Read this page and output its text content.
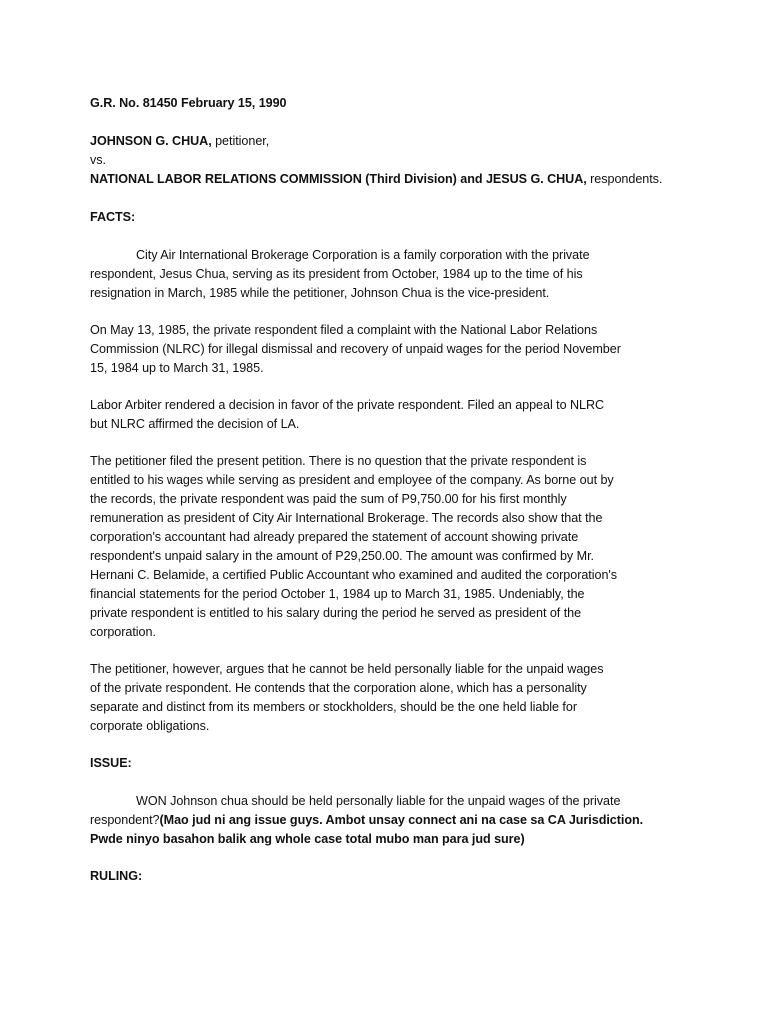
G.R. No. 81450 February 15, 1990
JOHNSON G. CHUA, petitioner,
vs.
NATIONAL LABOR RELATIONS COMMISSION (Third Division) and JESUS G. CHUA, respondents.
FACTS:
City Air International Brokerage Corporation is a family corporation with the private
respondent, Jesus Chua, serving as its president from October, 1984 up to the time of his
resignation in March, 1985 while the petitioner, Johnson Chua is the vice-president.
On May 13, 1985, the private respondent filed a complaint with the National Labor Relations
Commission (NLRC) for illegal dismissal and recovery of unpaid wages for the period November
15, 1984 up to March 31, 1985.
Labor Arbiter rendered a decision in favor of the private respondent. Filed an appeal to NLRC
but NLRC affirmed the decision of LA.
The petitioner filed the present petition. There is no question that the private respondent is
entitled to his wages while serving as president and employee of the company. As borne out by
the records, the private respondent was paid the sum of P9,750.00 for his first monthly
remuneration as president of City Air International Brokerage. The records also show that the
corporation's accountant had already prepared the statement of account showing private
respondent's unpaid salary in the amount of P29,250.00. The amount was confirmed by Mr.
Hernani C. Belamide, a certified Public Accountant who examined and audited the corporation's
financial statements for the period October 1, 1984 up to March 31, 1985. Undeniably, the
private respondent is entitled to his salary during the period he served as president of the
corporation.
The petitioner, however, argues that he cannot be held personally liable for the unpaid wages
of the private respondent. He contends that the corporation alone, which has a personality
separate and distinct from its members or stockholders, should be the one held liable for
corporate obligations.
ISSUE:
WON Johnson chua should be held personally liable for the unpaid wages of the private
respondent?(Mao jud ni ang issue guys. Ambot unsay connect ani na case sa CA Jurisdiction.
Pwde ninyo basahon balik ang whole case total mubo man para jud sure)
RULING:
